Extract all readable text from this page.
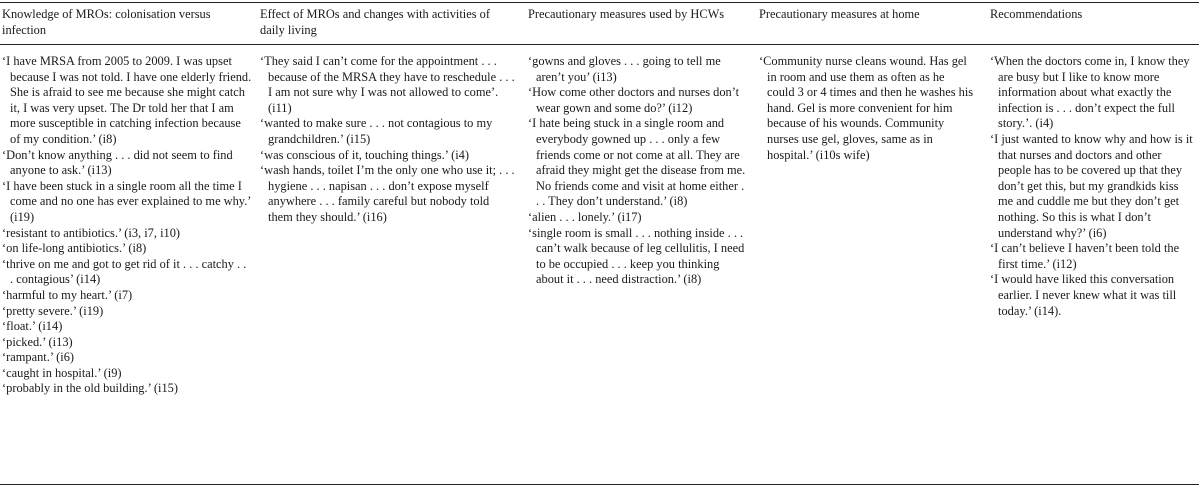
Knowledge of MROs: colonisation versus infection

‘I have MRSA from 2005 to 2009. I was upset because I was not told. I have one elderly friend. She is afraid to see me because she might catch it, I was very upset. The Dr told her that I am more susceptible in catching infection because of my condition.’ (i8)

‘Don’t know anything . . . did not seem to find anyone to ask.’ (i13)

‘I have been stuck in a single room all the time I come and no one has ever explained to me why.’ (i19)

‘resistant to antibiotics.’ (i3, i7, i10)

‘on life-long antibiotics.’ (i8)

‘thrive on me and got to get rid of it . . . catchy . . . contagious’ (i14)

‘harmful to my heart.’ (i7)

‘pretty severe.’ (i19)

‘float.’ (i14)

‘picked.’ (i13)

‘rampant.’ (i6)

‘caught in hospital.’ (i9)

‘probably in the old building.’ (i15)

Effect of MROs and changes with activities of daily living

‘They said I can’t come for the appointment . . . because of the MRSA they have to reschedule . . . I am not sure why I was not allowed to come’. (i11)

‘wanted to make sure . . . not contagious to my grandchildren.’ (i15)

‘was conscious of it, touching things.’ (i4)

‘wash hands, toilet I’m the only one who use it; . . . hygiene . . . napisan . . . don’t expose myself anywhere . . . family careful but nobody told them they should.’ (i16)

Precautionary measures used by HCWs

‘gowns and gloves . . . going to tell me aren’t you’ (i13)

‘How come other doctors and nurses don’t wear gown and some do?’ (i12)

‘I hate being stuck in a single room and everybody gowned up . . . only a few friends come or not come at all. They are afraid they might get the disease from me. No friends come and visit at home either . . . They don’t understand.’ (i8)

‘alien . . . lonely.’ (i17)

‘single room is small . . . nothing inside . . . can’t walk because of leg cellulitis, I need to be occupied . . . keep you thinking about it . . . need distraction.’ (i8)

Precautionary measures at home

‘Community nurse cleans wound. Has gel in room and use them as often as he could 3 or 4 times and then he washes his hand. Gel is more convenient for him because of his wounds. Community nurses use gel, gloves, same as in hospital.’ (i10s wife)

Recommendations

‘When the doctors come in, I know they are busy but I like to know more information about what exactly the infection is . . . don’t expect the full story.’. (i4)

‘I just wanted to know why and how is it that nurses and doctors and other people has to be covered up that they don’t get this, but my grandkids kiss me and cuddle me but they don’t get nothing. So this is what I don’t understand why?’ (i6)

‘I can’t believe I haven’t been told the first time.’ (i12)

‘I would have liked this conversation earlier. I never knew what it was till today.’ (i14).
